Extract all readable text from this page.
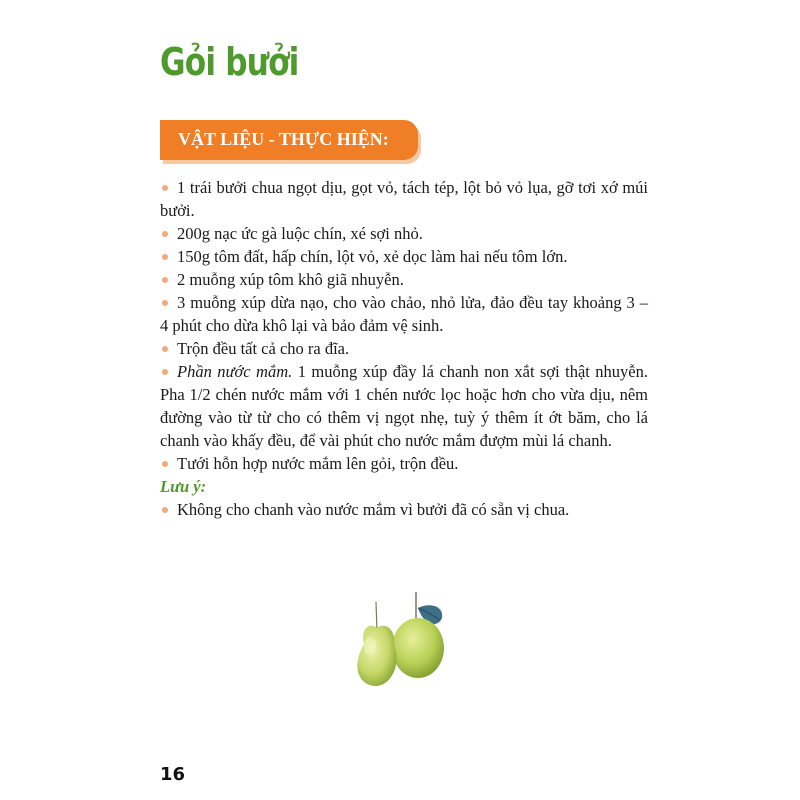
Gỏi bưởi
VẬT LIỆU - THỰC HIỆN:

1 trái bưởi chua ngọt dịu, gọt vỏ, tách tép, lột bỏ vỏ lụa, gỡ tơi xớ múi bưởi.

200g nạc ức gà luộc chín, xé sợi nhỏ.

150g tôm đất, hấp chín, lột vỏ, xẻ dọc làm hai nếu tôm lớn.

2 muỗng xúp tôm khô giã nhuyễn.

3 muỗng xúp dừa nạo, cho vào chảo, nhỏ lửa, đảo đều tay khoảng 3 – 4 phút cho dừa khô lại và bảo đảm vệ sinh.

Trộn đều tất cả cho ra đĩa.

Phần nước mắm. 1 muỗng xúp đầy lá chanh non xắt sợi thật nhuyễn. Pha 1/2 chén nước mắm với 1 chén nước lọc hoặc hơn cho vừa dịu, nêm đường vào từ từ cho có thêm vị ngọt nhẹ, tuỳ ý thêm ít ớt băm, cho lá chanh vào khấy đều, để vài phút cho nước mắm đượm mùi lá chanh.

Tưới hỗn hợp nước mắm lên gỏi, trộn đều.

Lưu ý:

Không cho chanh vào nước mắm vì bưởi đã có sẵn vị chua.

16
